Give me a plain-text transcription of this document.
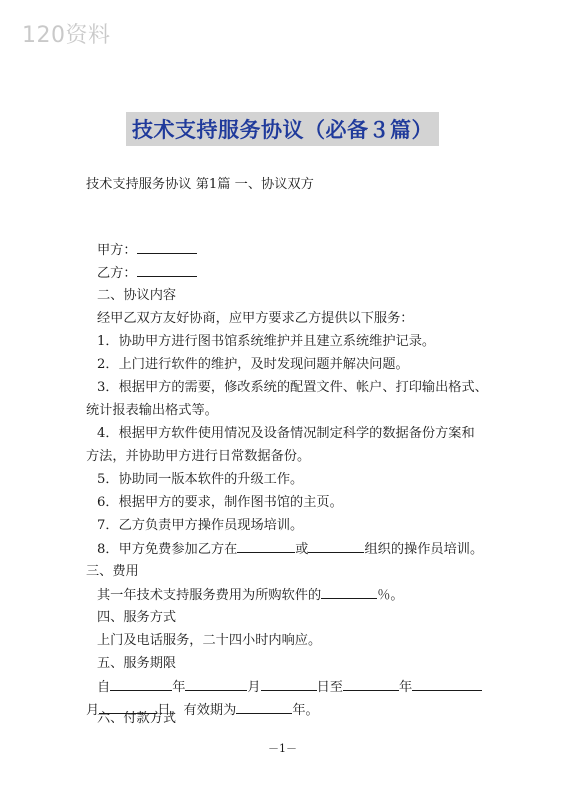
120资料
技术支持服务协议（必备３篇）
技术支持服务协议 第1篇 一、协议双方
甲方：
乙方：
二、协议内容
经甲乙双方友好协商，应甲方要求乙方提供以下服务：
1．协助甲方进行图书馆系统维护并且建立系统维护记录。
2．上门进行软件的维护，及时发现问题并解决问题。
3．根据甲方的需要，修改系统的配置文件、帐户、打印输出格式、
统计报表输出格式等。
4．根据甲方软件使用情况及设备情况制定科学的数据备份方案和
方法，并协助甲方进行日常数据备份。
5．协助同一版本软件的升级工作。
6．根据甲方的要求，制作图书馆的主页。
7．乙方负责甲方操作员现场培训。
8．甲方免费参加乙方在	或	组织的操作员培训。
三、费用
其一年技术支持服务费用为所购软件的	％。
四、服务方式
上门及电话服务，二十四小时内响应。
五、服务期限
自	年	月	日至	年
月	日，有效期为	年。
六、付款方式
－1－
